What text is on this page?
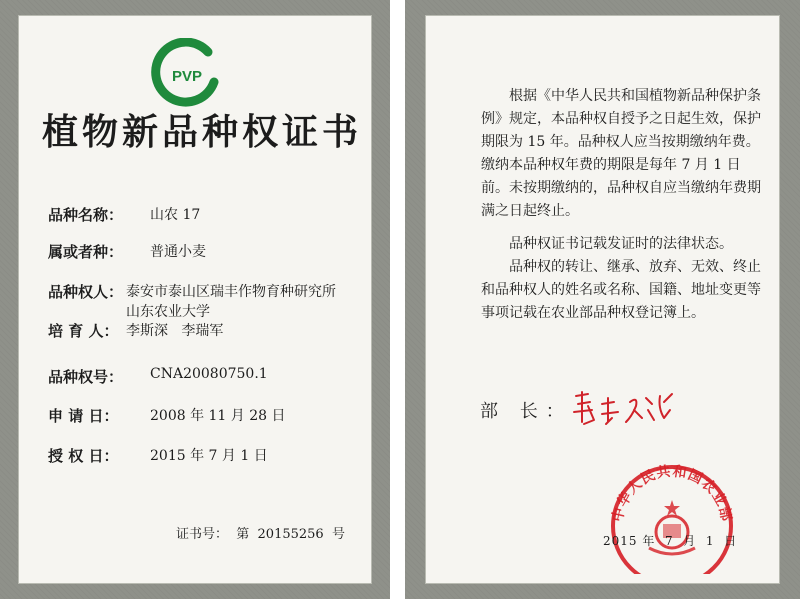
PVP
植物新品种权证书
品种名称： 山农 17
属或者种： 普通小麦
品种权人： 泰安市泰山区瑞丰作物育种研究所
山东农业大学
培 育 人： 李斯深   李瑞军
品种权号： CNA20080750.1
申 请 日： 2008 年 11 月 28 日
授 权 日： 2015 年 7 月 1 日
证书号：  第  20155256  号
根据《中华人民共和国植物新品种保护条例》规定，本品种权自授予之日起生效，保护期限为 15 年。品种权人应当按期缴纳年费。缴纳本品种权年费的期限是每年 7 月 1 日前。未按期缴纳的，品种权自应当缴纳年费期满之日起终止。
品种权证书记载发证时的法律状态。
品种权的转让、继承、放弃、无效、终止和品种权人的姓名或名称、国籍、地址变更等事项记载在农业部品种权登记簿上。
部 长：
中华人民共和国农业部
2015 年  7  月  1  日
